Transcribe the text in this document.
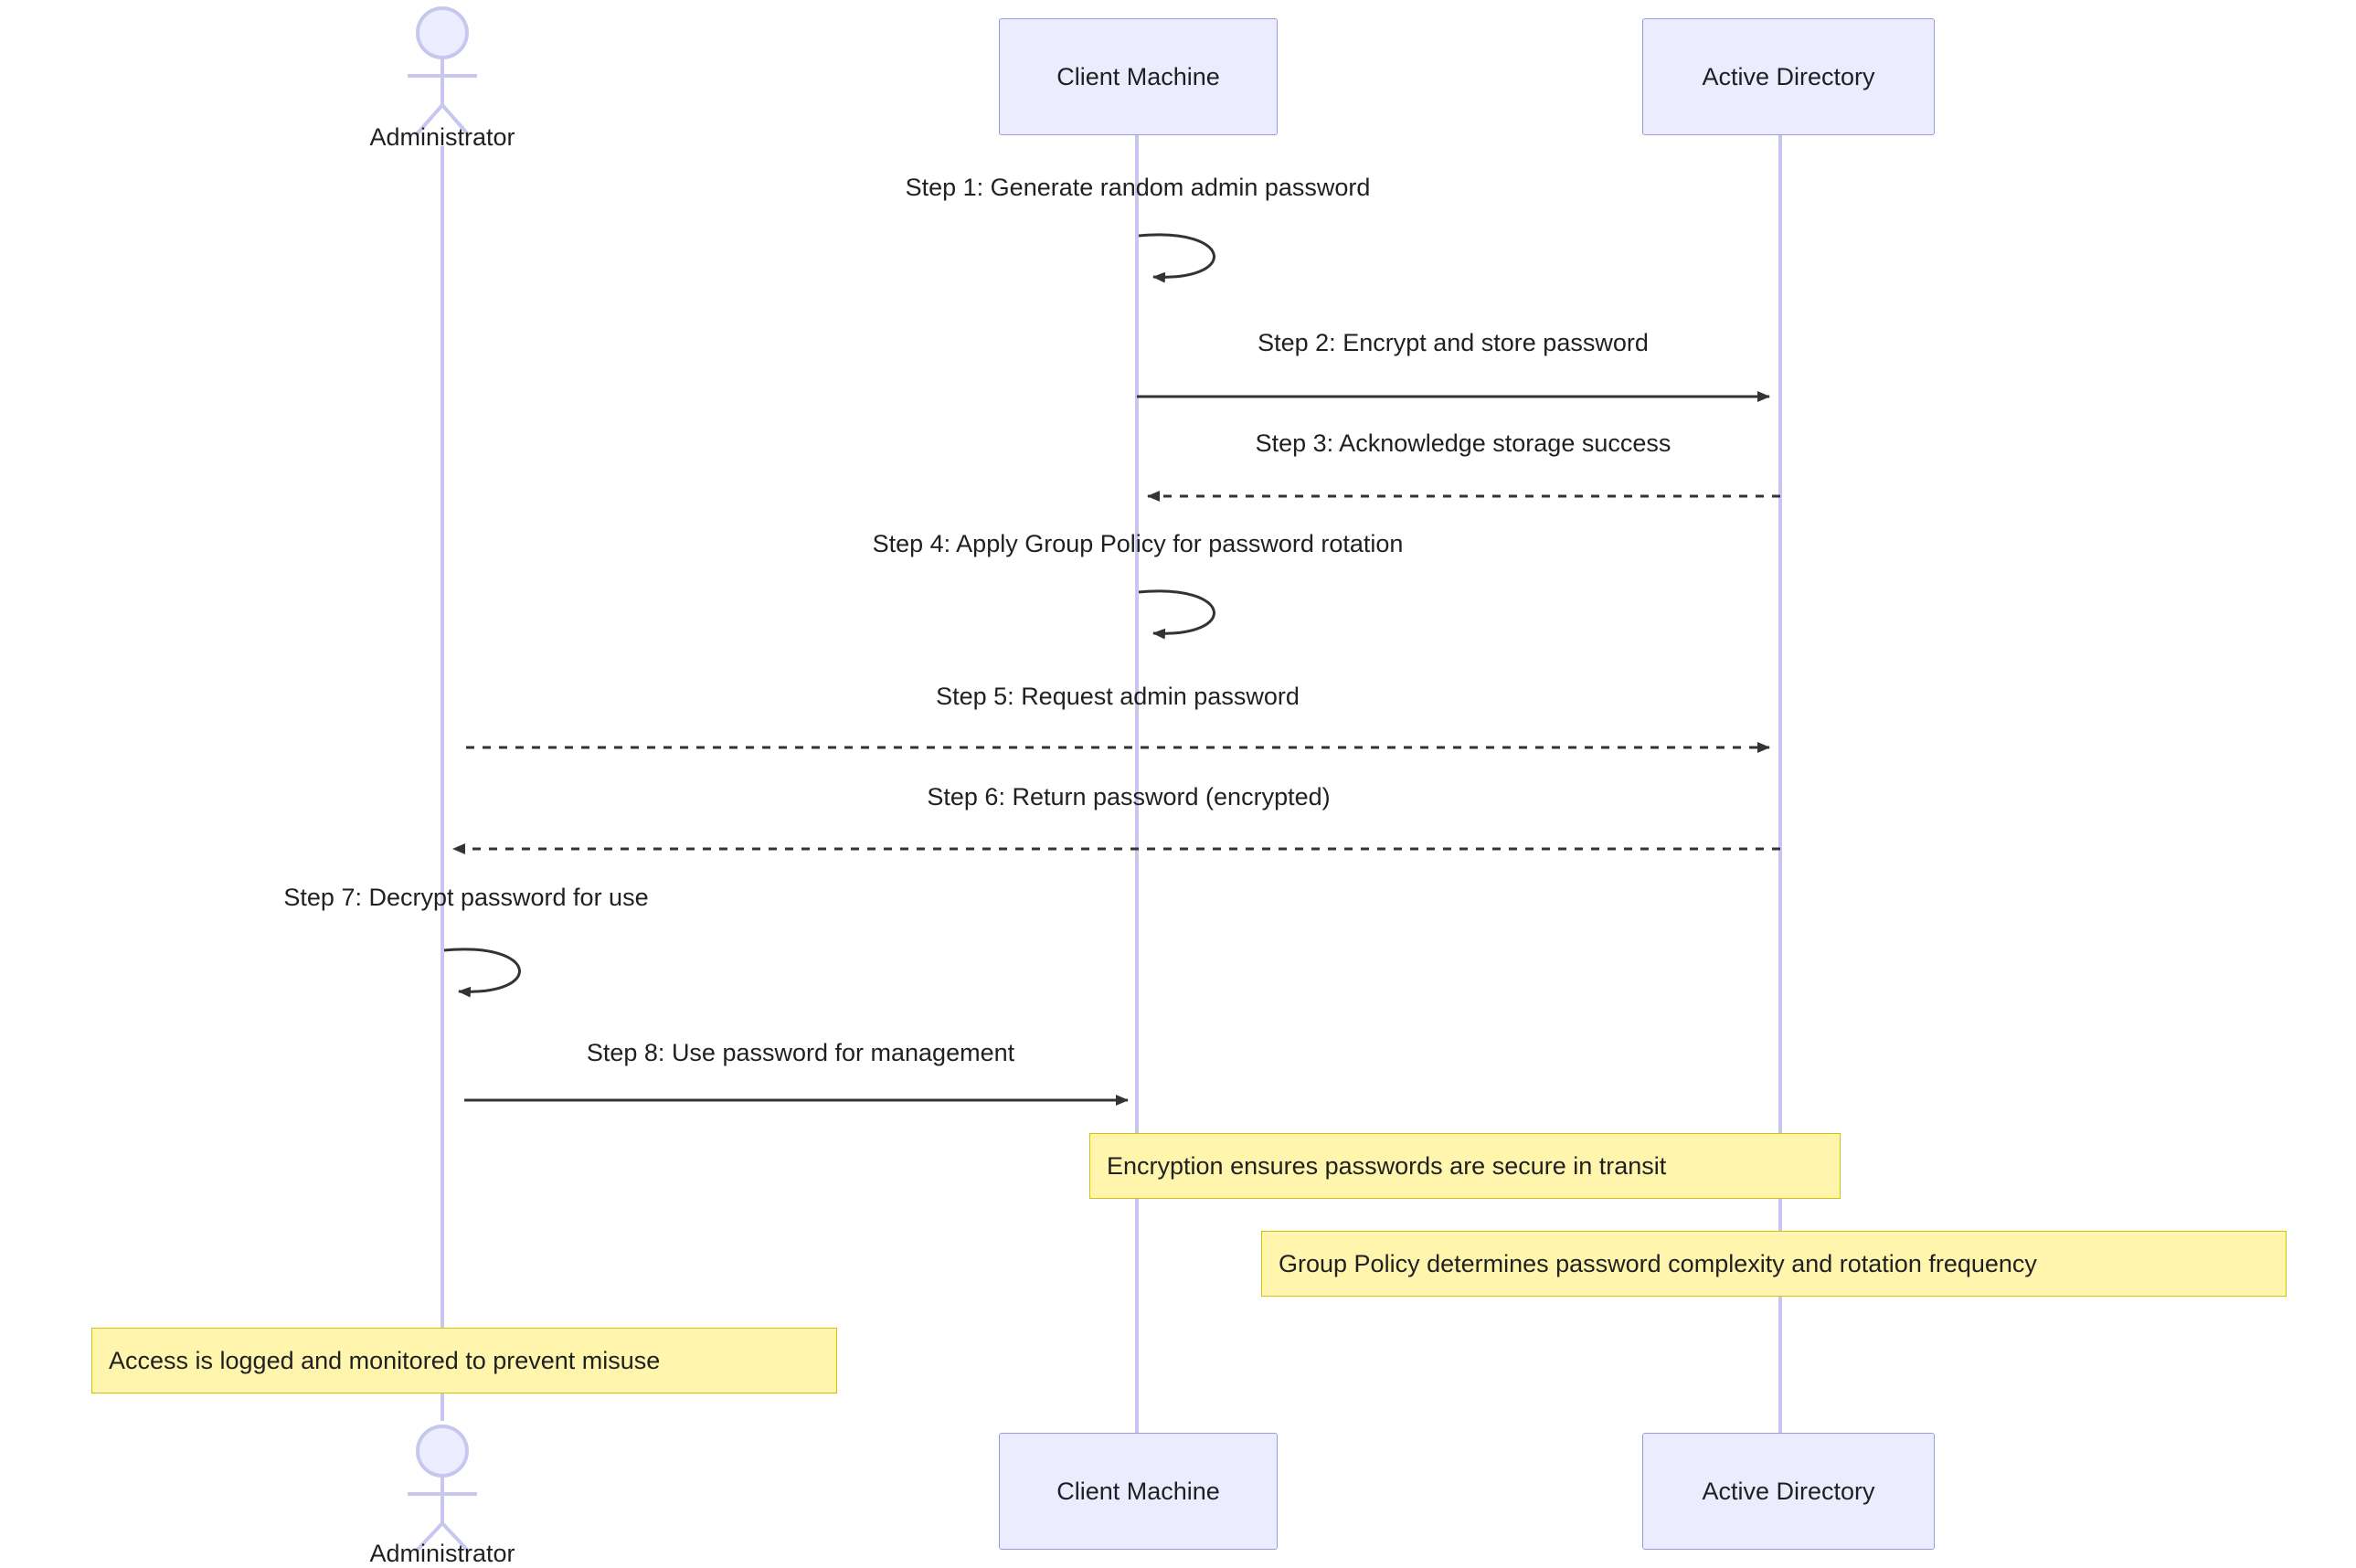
Administrator
Client Machine	Active Directory
Step 1: Generate random admin password
Step 2: Encrypt and store password
Step 3: Acknowledge storage success
Step 4: Apply Group Policy for password rotation
Step 5: Request admin password
Step 6: Return password (encrypted)
Step 7: Decrypt password for use
Step 8: Use password for management
Encryption ensures passwords are secure in transit
Group Policy determines password complexity and rotation frequency
Access is logged and monitored to prevent misuse
Administrator
Client Machine	Active Directory
